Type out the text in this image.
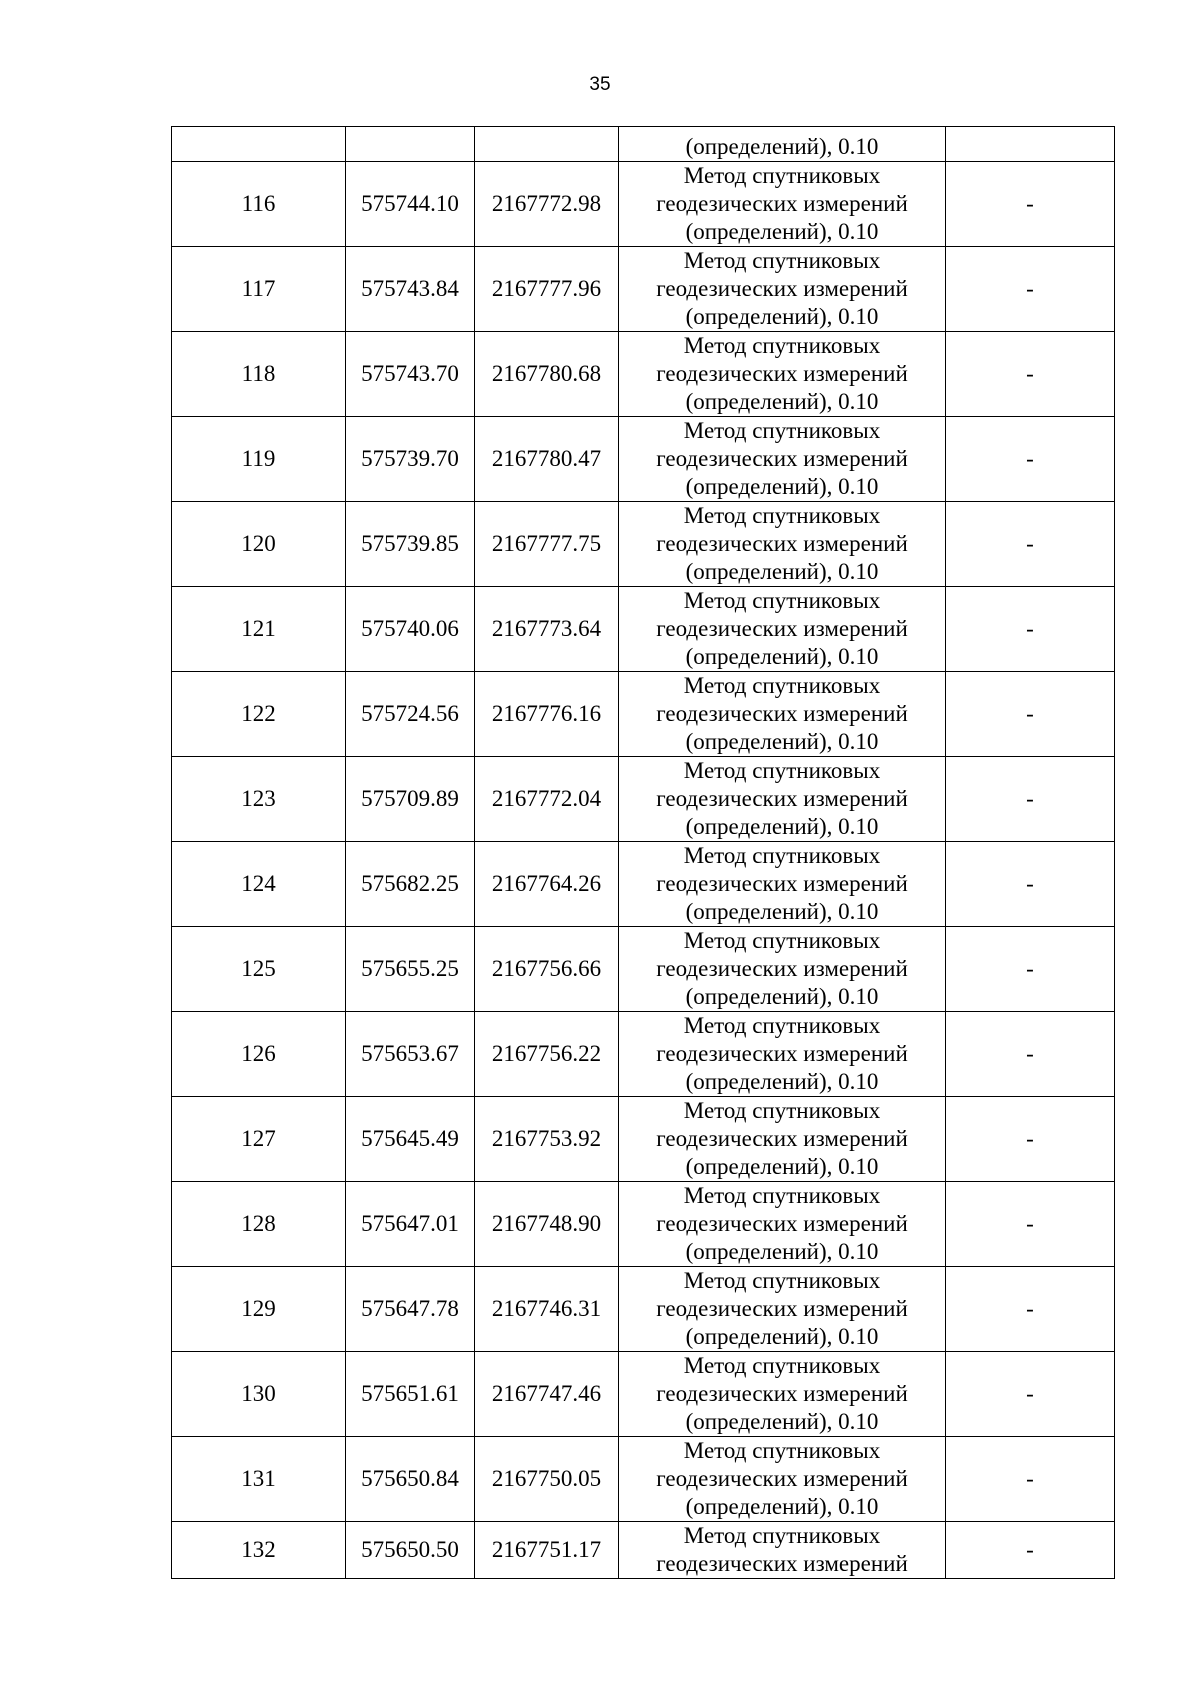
35

			(определений), 0.10	

116	575744.10	2167772.98	Метод спутниковых
геодезических измерений
(определений), 0.10	-
117	575743.84	2167777.96	Метод спутниковых
геодезических измерений
(определений), 0.10	-
118	575743.70	2167780.68	Метод спутниковых
геодезических измерений
(определений), 0.10	-
119	575739.70	2167780.47	Метод спутниковых
геодезических измерений
(определений), 0.10	-
120	575739.85	2167777.75	Метод спутниковых
геодезических измерений
(определений), 0.10	-
121	575740.06	2167773.64	Метод спутниковых
геодезических измерений
(определений), 0.10	-
122	575724.56	2167776.16	Метод спутниковых
геодезических измерений
(определений), 0.10	-
123	575709.89	2167772.04	Метод спутниковых
геодезических измерений
(определений), 0.10	-
124	575682.25	2167764.26	Метод спутниковых
геодезических измерений
(определений), 0.10	-
125	575655.25	2167756.66	Метод спутниковых
геодезических измерений
(определений), 0.10	-
126	575653.67	2167756.22	Метод спутниковых
геодезических измерений
(определений), 0.10	-
127	575645.49	2167753.92	Метод спутниковых
геодезических измерений
(определений), 0.10	-
128	575647.01	2167748.90	Метод спутниковых
геодезических измерений
(определений), 0.10	-
129	575647.78	2167746.31	Метод спутниковых
геодезических измерений
(определений), 0.10	-
130	575651.61	2167747.46	Метод спутниковых
геодезических измерений
(определений), 0.10	-
131	575650.84	2167750.05	Метод спутниковых
геодезических измерений
(определений), 0.10	-
132	575650.50	2167751.17	Метод спутниковых
геодезических измерений	-
